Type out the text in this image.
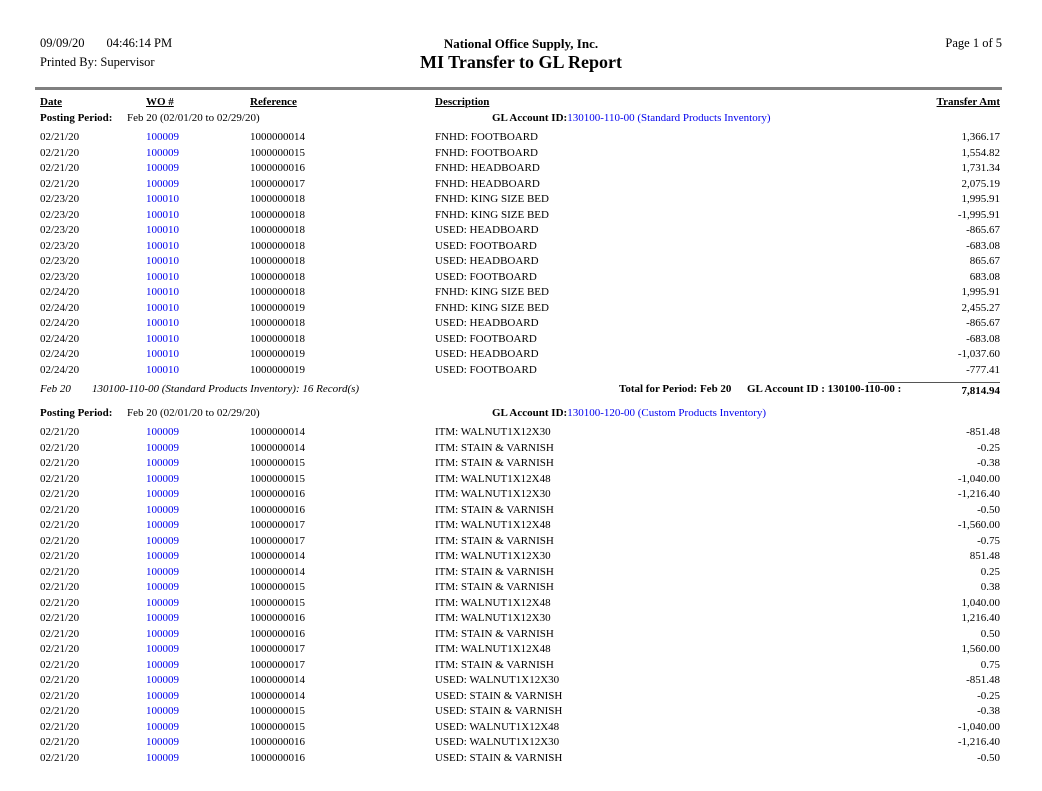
09/09/20 04:46:14 PM
Printed By: Supervisor
National Office Supply, Inc.
MI Transfer to GL Report
Page 1 of 5
Date	WO #	Reference	Description	Transfer Amt
Posting Period: Feb 20 (02/01/20 to 02/29/20)	GL Account ID:130100-110-00 (Standard Products Inventory)
02/21/20	100009	1000000014	FNHD: FOOTBOARD	1,366.17
02/21/20	100009	1000000015	FNHD: FOOTBOARD	1,554.82
02/21/20	100009	1000000016	FNHD: HEADBOARD	1,731.34
02/21/20	100009	1000000017	FNHD: HEADBOARD	2,075.19
02/23/20	100010	1000000018	FNHD: KING SIZE BED	1,995.91
02/23/20	100010	1000000018	FNHD: KING SIZE BED	-1,995.91
02/23/20	100010	1000000018	USED: HEADBOARD	-865.67
02/23/20	100010	1000000018	USED: FOOTBOARD	-683.08
02/23/20	100010	1000000018	USED: HEADBOARD	865.67
02/23/20	100010	1000000018	USED: FOOTBOARD	683.08
02/24/20	100010	1000000018	FNHD: KING SIZE BED	1,995.91
02/24/20	100010	1000000019	FNHD: KING SIZE BED	2,455.27
02/24/20	100010	1000000018	USED: HEADBOARD	-865.67
02/24/20	100010	1000000018	USED: FOOTBOARD	-683.08
02/24/20	100010	1000000019	USED: HEADBOARD	-1,037.60
02/24/20	100010	1000000019	USED: FOOTBOARD	-777.41
Feb 20 130100-110-00 (Standard Products Inventory): 16 Record(s)	Total for Period: Feb 20 GL Account ID : 130100-110-00 :	7,814.94
Posting Period: Feb 20 (02/01/20 to 02/29/20)	GL Account ID:130100-120-00 (Custom Products Inventory)
02/21/20	100009	1000000014	ITM: WALNUT1X12X30	-851.48
02/21/20	100009	1000000014	ITM: STAIN & VARNISH	-0.25
02/21/20	100009	1000000015	ITM: STAIN & VARNISH	-0.38
02/21/20	100009	1000000015	ITM: WALNUT1X12X48	-1,040.00
02/21/20	100009	1000000016	ITM: WALNUT1X12X30	-1,216.40
02/21/20	100009	1000000016	ITM: STAIN & VARNISH	-0.50
02/21/20	100009	1000000017	ITM: WALNUT1X12X48	-1,560.00
02/21/20	100009	1000000017	ITM: STAIN & VARNISH	-0.75
02/21/20	100009	1000000014	ITM: WALNUT1X12X30	851.48
02/21/20	100009	1000000014	ITM: STAIN & VARNISH	0.25
02/21/20	100009	1000000015	ITM: STAIN & VARNISH	0.38
02/21/20	100009	1000000015	ITM: WALNUT1X12X48	1,040.00
02/21/20	100009	1000000016	ITM: WALNUT1X12X30	1,216.40
02/21/20	100009	1000000016	ITM: STAIN & VARNISH	0.50
02/21/20	100009	1000000017	ITM: WALNUT1X12X48	1,560.00
02/21/20	100009	1000000017	ITM: STAIN & VARNISH	0.75
02/21/20	100009	1000000014	USED: WALNUT1X12X30	-851.48
02/21/20	100009	1000000014	USED: STAIN & VARNISH	-0.25
02/21/20	100009	1000000015	USED: STAIN & VARNISH	-0.38
02/21/20	100009	1000000015	USED: WALNUT1X12X48	-1,040.00
02/21/20	100009	1000000016	USED: WALNUT1X12X30	-1,216.40
02/21/20	100009	1000000016	USED: STAIN & VARNISH	-0.50
